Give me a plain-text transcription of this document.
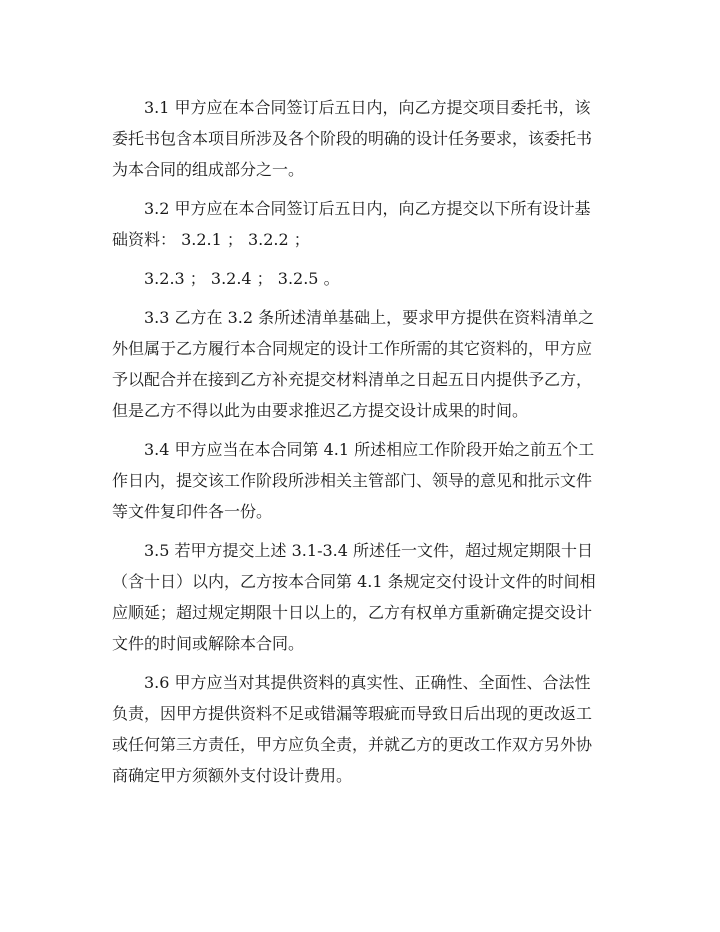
3.1 甲方应在本合同签订后五日内，向乙方提交项目委托书，该
委托书包含本项目所涉及各个阶段的明确的设计任务要求，该委托书
为本合同的组成部分之一。

3.2 甲方应在本合同签订后五日内，向乙方提交以下所有设计基
础资料： 3.2.1 ； 3.2.2 ；

3.2.3 ； 3.2.4 ； 3.2.5 。

3.3 乙方在 3.2 条所述清单基础上，要求甲方提供在资料清单之
外但属于乙方履行本合同规定的设计工作所需的其它资料的，甲方应
予以配合并在接到乙方补充提交材料清单之日起五日内提供予乙方，
但是乙方不得以此为由要求推迟乙方提交设计成果的时间。

3.4 甲方应当在本合同第 4.1 所述相应工作阶段开始之前五个工
作日内，提交该工作阶段所涉相关主管部门、领导的意见和批示文件
等文件复印件各一份。

3.5 若甲方提交上述 3.1-3.4 所述任一文件，超过规定期限十日
（含十日）以内，乙方按本合同第 4.1 条规定交付设计文件的时间相
应顺延；超过规定期限十日以上的，乙方有权单方重新确定提交设计
文件的时间或解除本合同。

3.6 甲方应当对其提供资料的真实性、正确性、全面性、合法性
负责，因甲方提供资料不足或错漏等瑕疵而导致日后出现的更改返工
或任何第三方责任，甲方应负全责，并就乙方的更改工作双方另外协
商确定甲方须额外支付设计费用。
